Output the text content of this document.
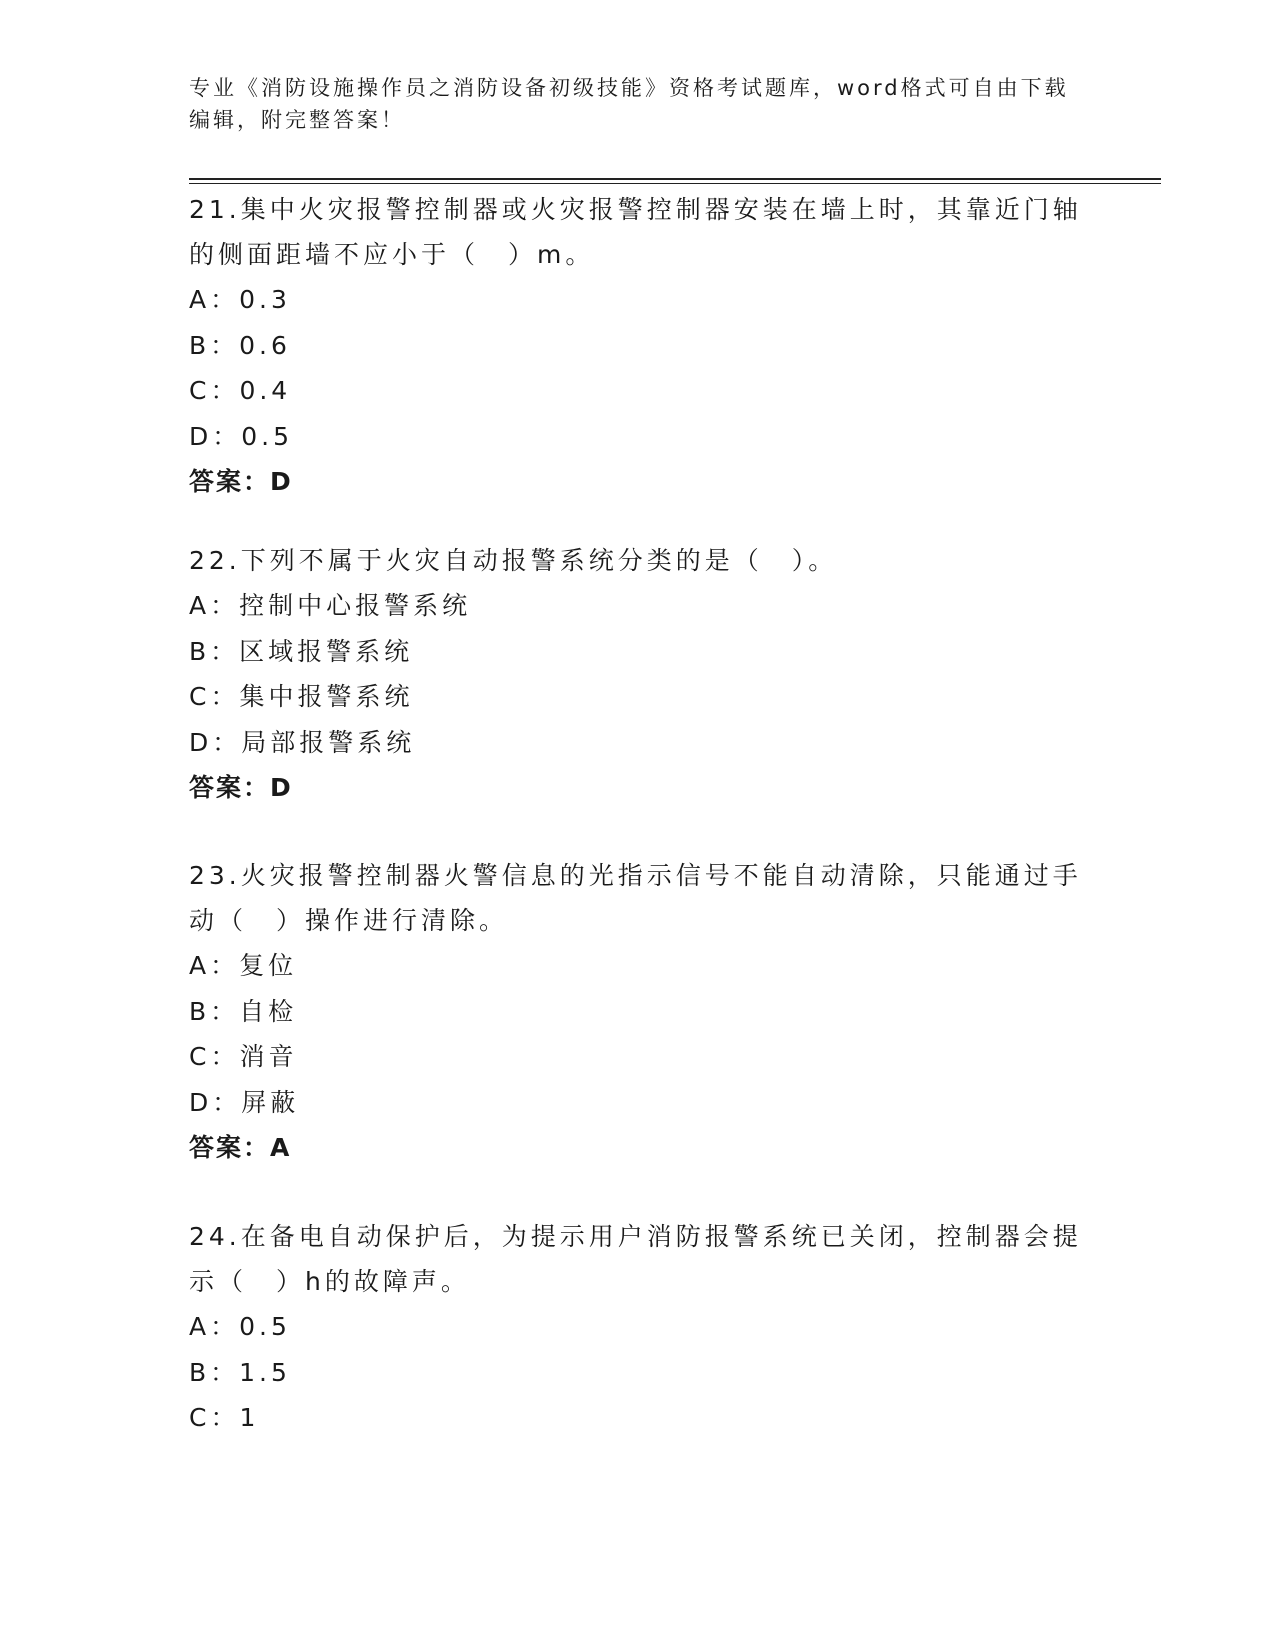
专业《消防设施操作员之消防设备初级技能》资格考试题库，word格式可自由下载编辑，附完整答案！
21.集中火灾报警控制器或火灾报警控制器安装在墙上时，其靠近门轴的侧面距墙不应小于（　）m。
A：0.3
B：0.6
C：0.4
D：0.5
答案：D
22.下列不属于火灾自动报警系统分类的是（　）。
A：控制中心报警系统
B：区域报警系统
C：集中报警系统
D：局部报警系统
答案：D
23.火灾报警控制器火警信息的光指示信号不能自动清除，只能通过手动（　）操作进行清除。
A：复位
B：自检
C：消音
D：屏蔽
答案：A
24.在备电自动保护后，为提示用户消防报警系统已关闭，控制器会提示（　）h的故障声。
A：0.5
B：1.5
C：1
